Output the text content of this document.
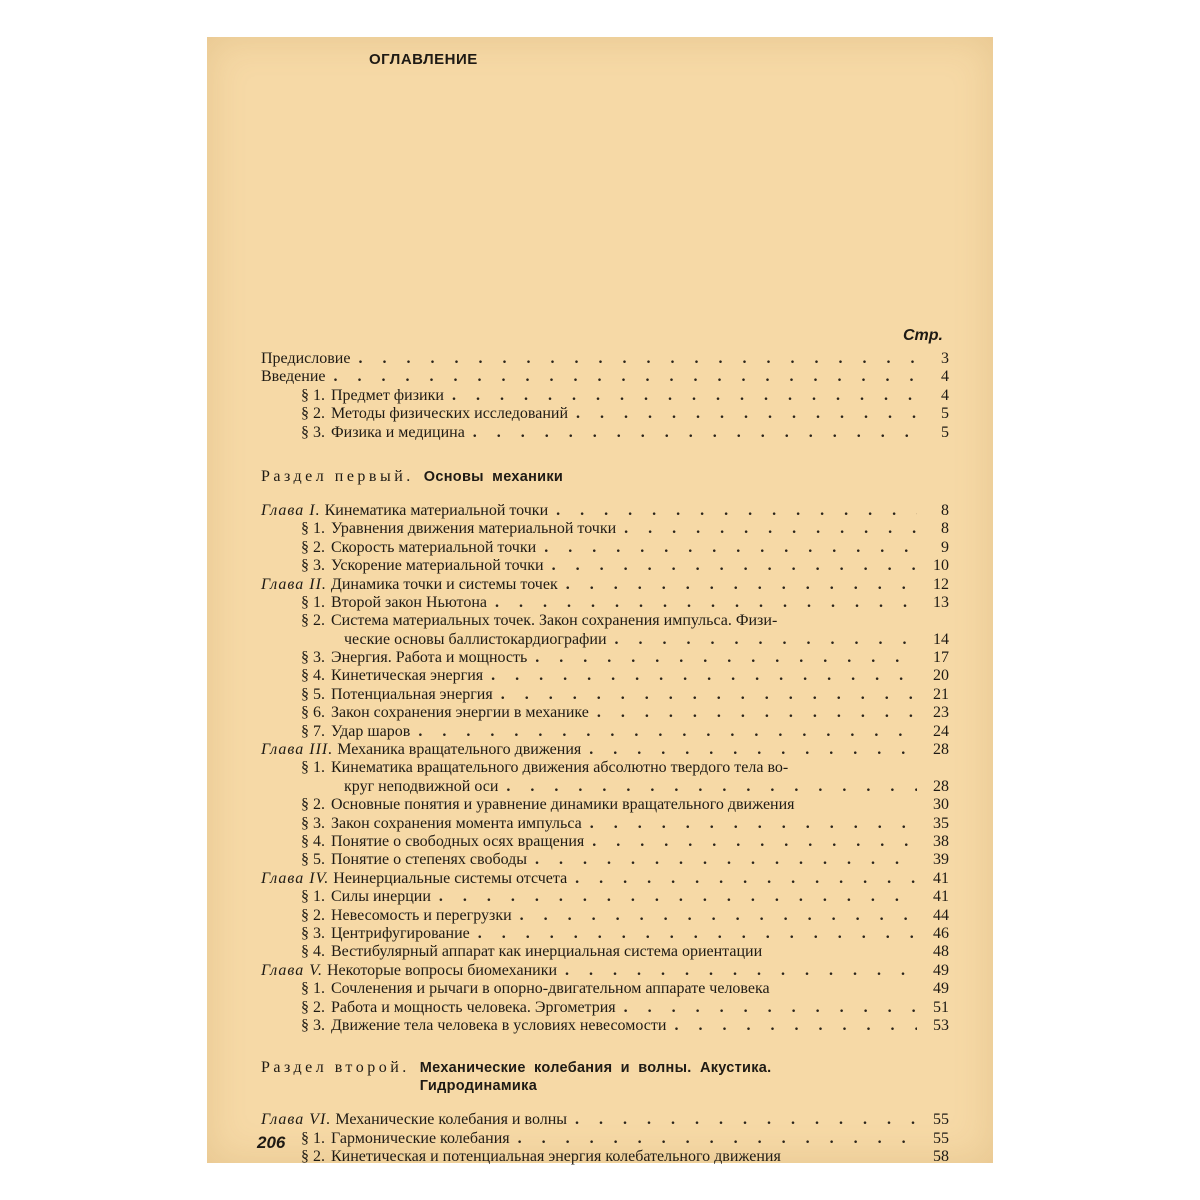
ОГЛАВЛЕНИЕ
Стр.
Предисловие . . .	3
Введение . . .	4
§ 1. Предмет физики . . .	4
§ 2. Методы физических исследований . . .	5
§ 3. Физика и медицина . . .	5
Раздел первый. Основы механики
Глава I. Кинематика материальной точки . . .	8
§ 1. Уравнения движения материальной точки . . .	8
§ 2. Скорость материальной точки . . .	9
§ 3. Ускорение материальной точки . . .	10
Глава II. Динамика точки и системы точек . . .	12
§ 1. Второй закон Ньютона . . .	13
§ 2. Система материальных точек. Закон сохранения импульса. Физи-
ческие основы баллистокардиографии . . .	14
§ 3. Энергия. Работа и мощность . . .	17
§ 4. Кинетическая энергия . . .	20
§ 5. Потенциальная энергия . . .	21
§ 6. Закон сохранения энергии в механике . . .	23
§ 7. Удар шаров . . .	24
Глава III. Механика вращательного движения . . .	28
§ 1. Кинематика вращательного движения абсолютно твердого тела во-
круг неподвижной оси . . .	28
§ 2. Основные понятия и уравнение динамики вращательного движения	30
§ 3. Закон сохранения момента импульса . . .	35
§ 4. Понятие о свободных осях вращения . . .	38
§ 5. Понятие о степенях свободы . . .	39
Глава IV. Неинерциальные системы отсчета . . .	41
§ 1. Силы инерции . . .	41
§ 2. Невесомость и перегрузки . . .	44
§ 3. Центрифугирование . . .	46
§ 4. Вестибулярный аппарат как инерциальная система ориентации	48
Глава V. Некоторые вопросы биомеханики . . .	49
§ 1. Сочленения и рычаги в опорно-двигательном аппарате человека	49
§ 2. Работа и мощность человека. Эргометрия . . .	51
§ 3. Движение тела человека в условиях невесомости . . .	53
Раздел второй. Механические колебания и волны. Акустика.
Гидродинамика
Глава VI. Механические колебания и волны . . .	55
§ 1. Гармонические колебания . . .	55
§ 2. Кинетическая и потенциальная энергия колебательного движения	58
206
